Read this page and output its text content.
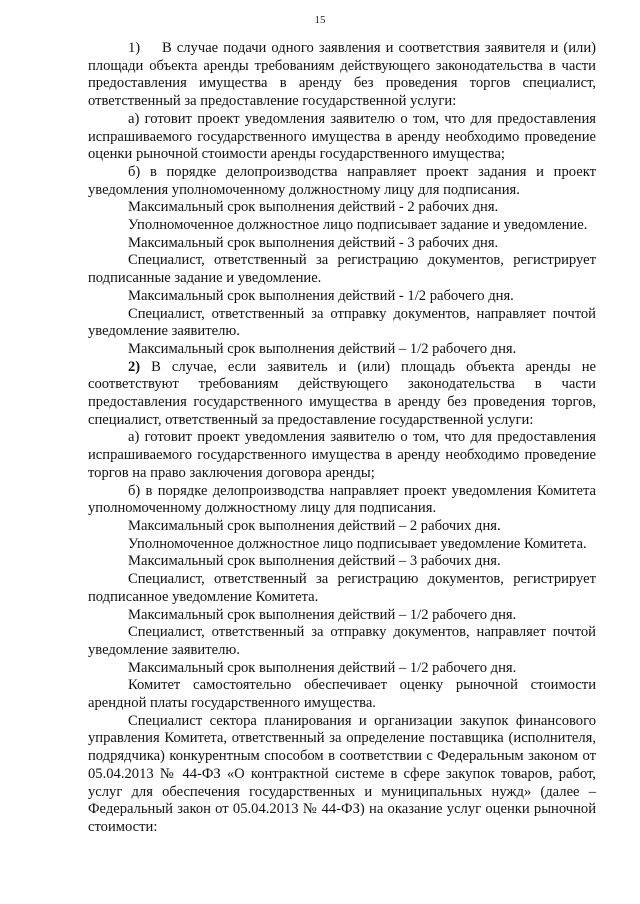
15

1) В случае подачи одного заявления и соответствия заявителя и (или) площади объекта аренды требованиям действующего законодательства в части предоставления имущества в аренду без проведения торгов специалист, ответственный за предоставление государственной услуги:

а) готовит проект уведомления заявителю о том, что для предоставления испрашиваемого государственного имущества в аренду необходимо проведение оценки рыночной стоимости аренды государственного имущества;

б) в порядке делопроизводства направляет проект задания и проект уведомления уполномоченному должностному лицу для подписания.

Максимальный срок выполнения действий - 2 рабочих дня.

Уполномоченное должностное лицо подписывает задание и уведомление.

Максимальный срок выполнения действий - 3 рабочих дня.

Специалист, ответственный за регистрацию документов, регистрирует подписанные задание и уведомление.

Максимальный срок выполнения действий - 1/2 рабочего дня.

Специалист, ответственный за отправку документов, направляет почтой уведомление заявителю.

Максимальный срок выполнения действий – 1/2 рабочего дня.

2) В случае, если заявитель и (или) площадь объекта аренды не соответствуют требованиям действующего законодательства в части предоставления государственного имущества в аренду без проведения торгов, специалист, ответственный за предоставление государственной услуги:

а) готовит проект уведомления заявителю о том, что для предоставления испрашиваемого государственного имущества в аренду необходимо проведение торгов на право заключения договора аренды;

б) в порядке делопроизводства направляет проект уведомления Комитета уполномоченному должностному лицу для подписания.

Максимальный срок выполнения действий – 2 рабочих дня.

Уполномоченное должностное лицо подписывает уведомление Комитета.

Максимальный срок выполнения действий – 3 рабочих дня.

Специалист, ответственный за регистрацию документов, регистрирует подписанное уведомление Комитета.

Максимальный срок выполнения действий – 1/2 рабочего дня.

Специалист, ответственный за отправку документов, направляет почтой уведомление заявителю.

Максимальный срок выполнения действий – 1/2 рабочего дня.

Комитет самостоятельно обеспечивает оценку рыночной стоимости арендной платы государственного имущества.

Специалист сектора планирования и организации закупок финансового управления Комитета, ответственный за определение поставщика (исполнителя, подрядчика) конкурентным способом в соответствии с Федеральным законом от 05.04.2013 № 44-ФЗ «О контрактной системе в сфере закупок товаров, работ, услуг для обеспечения государственных и муниципальных нужд» (далее – Федеральный закон от 05.04.2013 № 44-ФЗ) на оказание услуг оценки рыночной стоимости:
